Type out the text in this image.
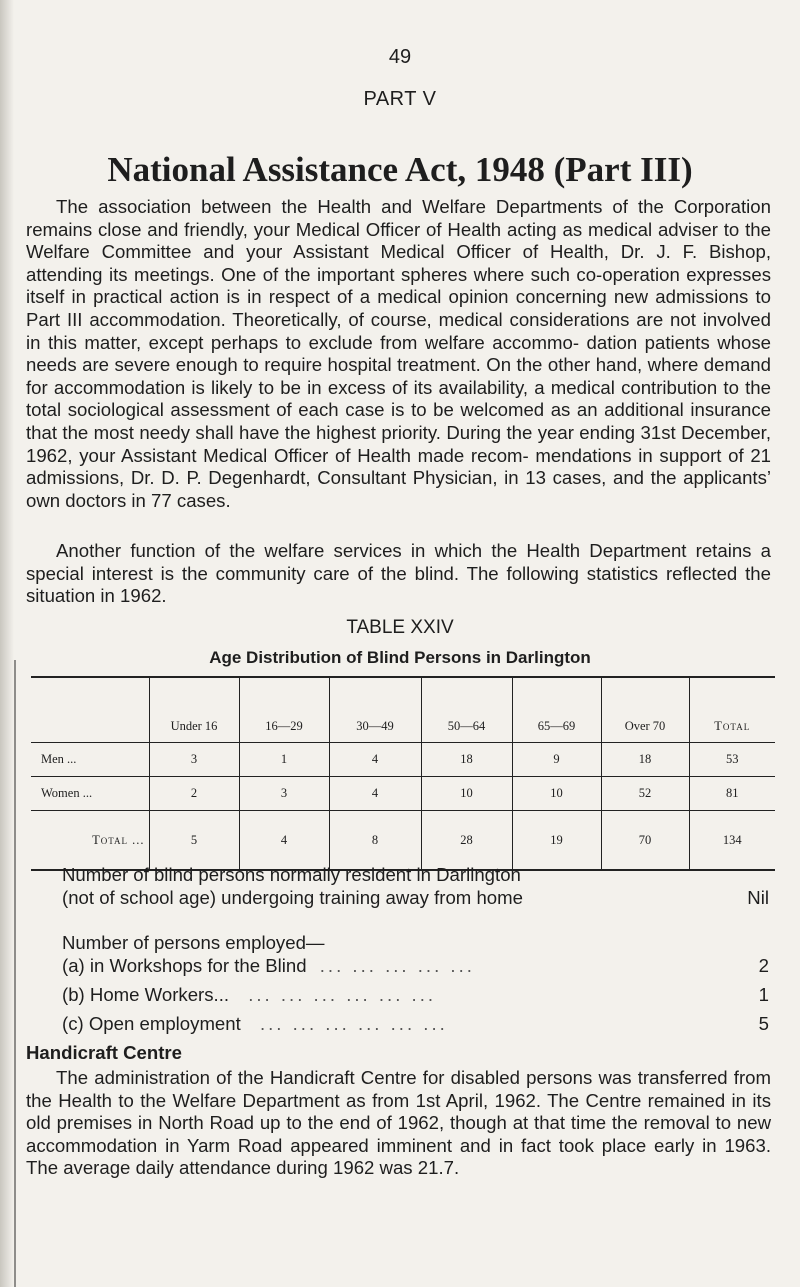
49
PART V
National Assistance Act, 1948 (Part III)

The association between the Health and Welfare Departments of the Corporation remains close and friendly, your Medical Officer of Health acting as medical adviser to the Welfare Committee and your Assistant Medical Officer of Health, Dr. J. F. Bishop, attending its meetings. One of the important spheres where such co-operation expresses itself in practical action is in respect of a medical opinion concerning new admissions to Part III accommodation. Theoretically, of course, medical considerations are not involved in this matter, except perhaps to exclude from welfare accommo- dation patients whose needs are severe enough to require hospital treatment. On the other hand, where demand for accommodation is likely to be in excess of its availability, a medical contribution to the total sociological assessment of each case is to be welcomed as an additional insurance that the most needy shall have the highest priority. During the year ending 31st December, 1962, your Assistant Medical Officer of Health made recom- mendations in support of 21 admissions, Dr. D. P. Degenhardt, Consultant Physician, in 13 cases, and the applicants’ own doctors in 77 cases.

Another function of the welfare services in which the Health Department retains a special interest is the community care of the blind. The following statistics reflected the situation in 1962.

TABLE XXIV
Age Distribution of Blind Persons in Darlington
	Under 16	16—29	30—49	50—64	65—69	Over 70	Total
Men ...	3	1	4	18	9	18	53
Women ...	2	3	4	10	10	52	81
Total ...	5	4	8	28	19	70	134
Number of blind persons normally resident in Darlington
(not of school age) undergoing training away from home	Nil
Number of persons employed—
(a) in Workshops for the Blind ... ... ... ... ...	2
(b) Home Workers... ... ... ... ... ... ...	1
(c) Open employment ... ... ... ... ... ...	5
Handicraft Centre

The administration of the Handicraft Centre for disabled persons was transferred from the Health to the Welfare Department as from 1st April, 1962. The Centre remained in its old premises in North Road up to the end of 1962, though at that time the removal to new accommodation in Yarm Road appeared imminent and in fact took place early in 1963. The average daily attendance during 1962 was 21.7.
